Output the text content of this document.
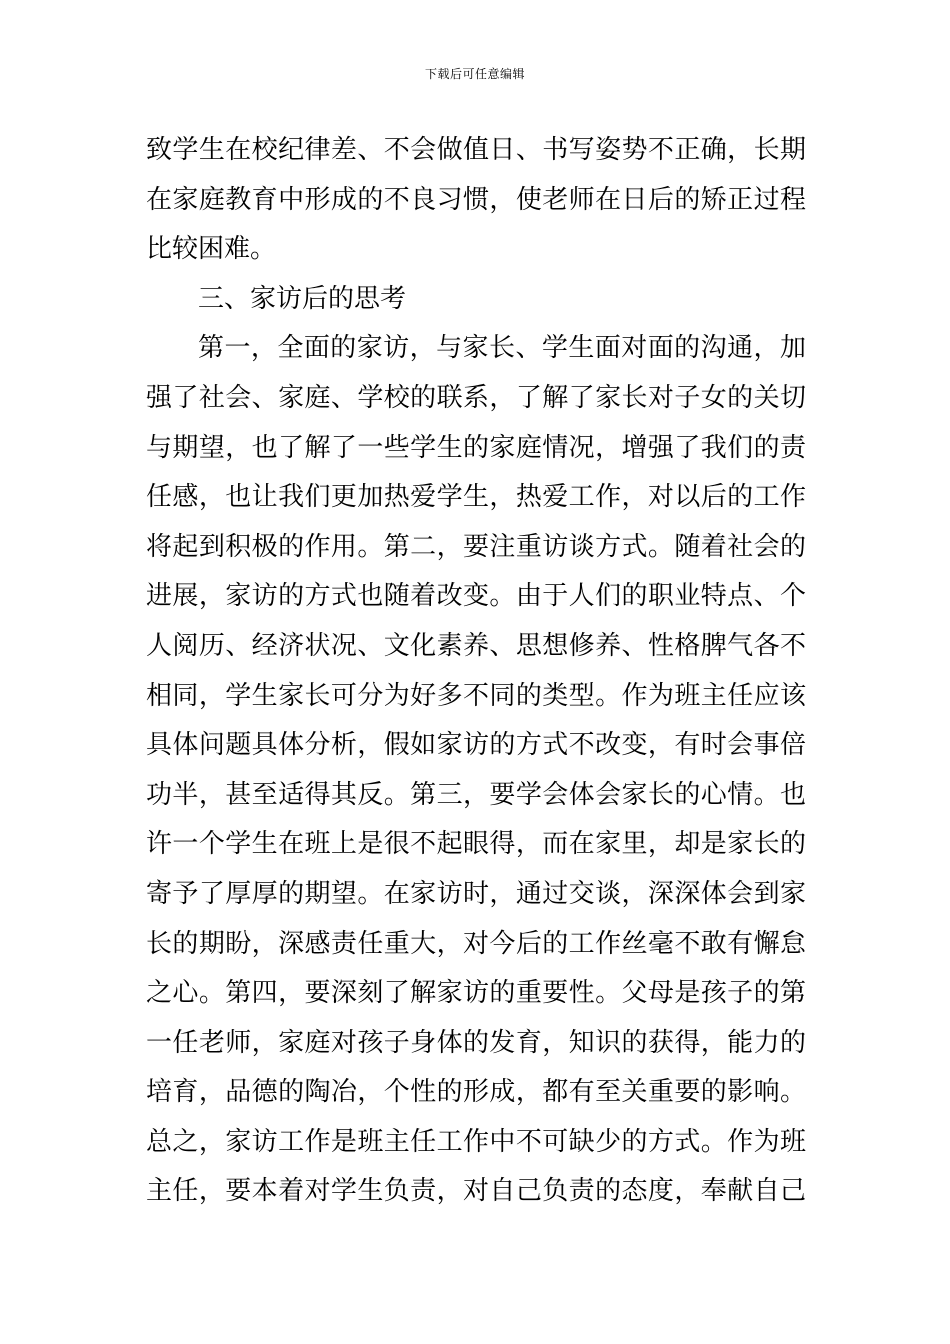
下载后可任意编辑
致学生在校纪律差、不会做值日、书写姿势不正确，长期
在家庭教育中形成的不良习惯，使老师在日后的矫正过程
比较困难。
三、家访后的思考
第一，全面的家访，与家长、学生面对面的沟通，加
强了社会、家庭、学校的联系，了解了家长对子女的关切
与期望，也了解了一些学生的家庭情况，增强了我们的责
任感，也让我们更加热爱学生，热爱工作，对以后的工作
将起到积极的作用。第二，要注重访谈方式。随着社会的
进展，家访的方式也随着改变。由于人们的职业特点、个
人阅历、经济状况、文化素养、思想修养、性格脾气各不
相同，学生家长可分为好多不同的类型。作为班主任应该
具体问题具体分析，假如家访的方式不改变，有时会事倍
功半，甚至适得其反。第三，要学会体会家长的心情。也
许一个学生在班上是很不起眼得，而在家里，却是家长的
寄予了厚厚的期望。在家访时，通过交谈，深深体会到家
长的期盼，深感责任重大，对今后的工作丝毫不敢有懈怠
之心。第四，要深刻了解家访的重要性。父母是孩子的第
一任老师，家庭对孩子身体的发育，知识的获得，能力的
培育，品德的陶冶，个性的形成，都有至关重要的影响。
总之，家访工作是班主任工作中不可缺少的方式。作为班
主任，要本着对学生负责，对自己负责的态度，奉献自己
